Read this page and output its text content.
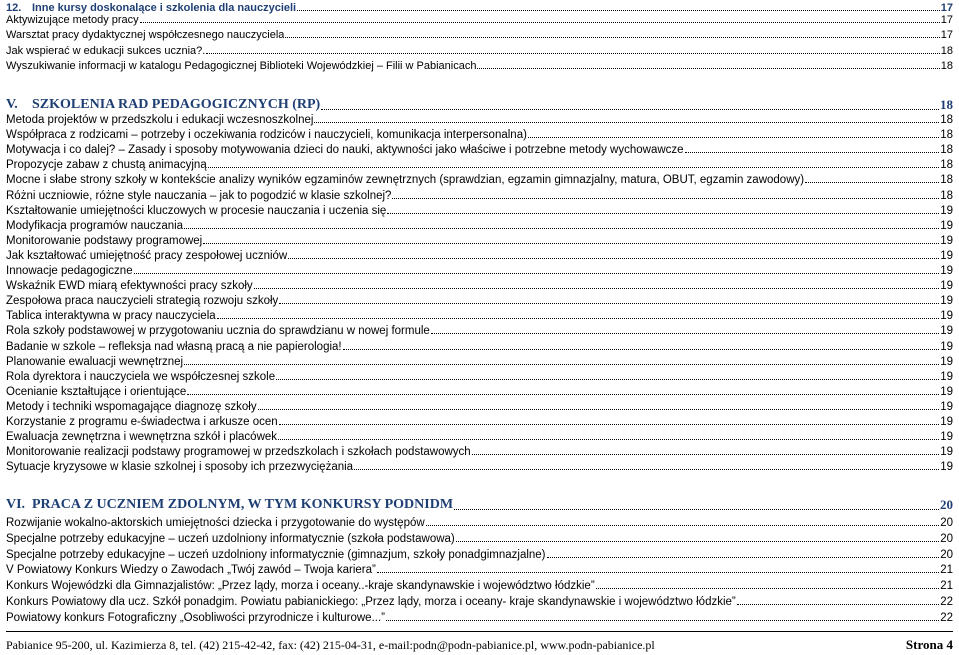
12. Inne kursy doskonalące i szkolenia dla nauczycieli	17
Aktywizujące metody pracy	17
Warsztat pracy dydaktycznej współczesnego nauczyciela	17
Jak wspierać w edukacji sukces ucznia?.	18
Wyszukiwanie informacji w katalogu Pedagogicznej Biblioteki Wojewódzkiej – Filii w Pabianicach	18
V. SZKOLENIA RAD PEDAGOGICZNYCH (RP)	18
Metoda projektów w przedszkolu i edukacji wczesnoszkolnej	18
Współpraca z rodzicami – potrzeby i oczekiwania rodziców i nauczycieli, komunikacja interpersonalna)	18
Motywacja i co dalej? – Zasady i sposoby motywowania dzieci do nauki, aktywności jako właściwe i potrzebne metody wychowawcze	18
Propozycje zabaw z chustą animacyjną	18
Mocne i słabe strony szkoły w kontekście analizy wyników egzaminów zewnętrznych (sprawdzian, egzamin gimnazjalny, matura, OBUT, egzamin zawodowy)	18
Różni uczniowie, różne style nauczania – jak to pogodzić w klasie szkolnej?	18
Kształtowanie umiejętności kluczowych w procesie nauczania i uczenia się	19
Modyfikacja programów nauczania	19
Monitorowanie podstawy programowej	19
Jak kształtować umiejętność pracy zespołowej uczniów	19
Innowacje pedagogiczne	19
Wskaźnik EWD miarą efektywności pracy szkoły	19
Zespołowa praca nauczycieli strategią rozwoju szkoły	19
Tablica interaktywna w pracy nauczyciela	19
Rola szkoły podstawowej w przygotowaniu ucznia do sprawdzianu w nowej formule	19
Badanie w szkole – refleksja nad własną pracą a nie papierologia!	19
Planowanie ewaluacji wewnętrznej	19
Rola dyrektora i nauczyciela we współczesnej szkole	19
Ocenianie kształtujące i orientujące	19
Metody i techniki wspomagające diagnozę szkoły	19
Korzystanie z programu e-świadectwa i arkusze ocen	19
Ewaluacja zewnętrzna i wewnętrzna szkół i placówek	19
Monitorowanie realizacji podstawy programowej w przedszkolach i szkołach podstawowych	19
Sytuacje kryzysowe w klasie szkolnej i sposoby ich przezwyciężania	19
VI. PRACA Z UCZNIEM ZDOLNYM, W TYM KONKURSY PODNIDM	20
Rozwijanie wokalno-aktorskich umiejętności dziecka i przygotowanie do występów	20
Specjalne potrzeby edukacyjne – uczeń uzdolniony informatycznie (szkoła podstawowa)	20
Specjalne potrzeby edukacyjne – uczeń uzdolniony informatycznie (gimnazjum, szkoły ponadgimnazjalne)	20
V Powiatowy Konkurs Wiedzy o Zawodach „Twój zawód – Twoja kariera”	21
Konkurs Wojewódzki dla Gimnazjalistów: „Przez lądy, morza i oceany..-kraje skandynawskie i województwo łódzkie”	21
Konkurs Powiatowy dla ucz. Szkół ponadgim. Powiatu pabianickiego: „Przez lądy, morza i oceany- kraje skandynawskie i województwo łódzkie”	22
Powiatowy konkurs Fotograficzny „Osobliwości przyrodnicze i kulturowe...”	22
Pabianice 95-200, ul. Kazimierza 8, tel. (42) 215-42-42, fax: (42) 215-04-31, e-mail:podn@podn-pabianice.pl, www.podn-pabianice.pl	Strona 4
